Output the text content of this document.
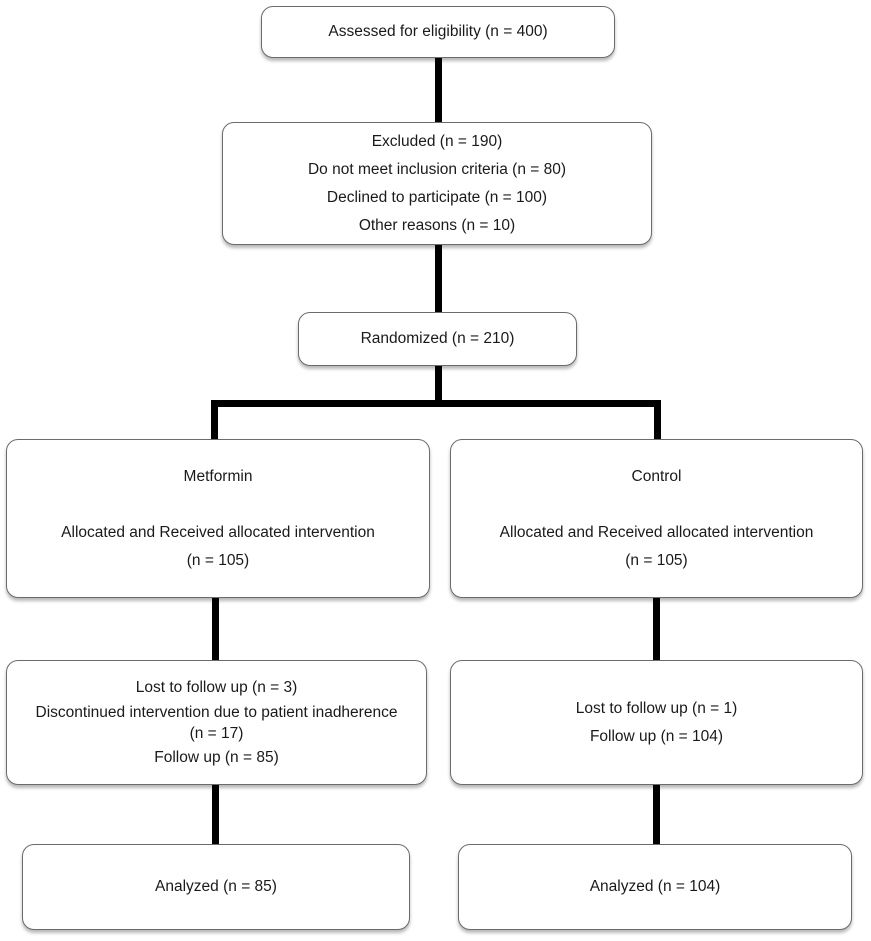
Assessed for eligibility (n = 400)
Excluded (n = 190)
Do not meet inclusion criteria (n = 80)
Declined to participate (n = 100)
Other reasons (n = 10)
Randomized (n = 210)
Metformin
Allocated and Received allocated intervention
(n = 105)
Control
Allocated and Received allocated intervention
(n = 105)
Lost to follow up (n = 3)
Discontinued intervention due to patient inadherence
(n = 17)
Follow up (n = 85)
Lost to follow up (n = 1)
Follow up (n = 104)
Analyzed (n = 85)	Analyzed (n = 104)
